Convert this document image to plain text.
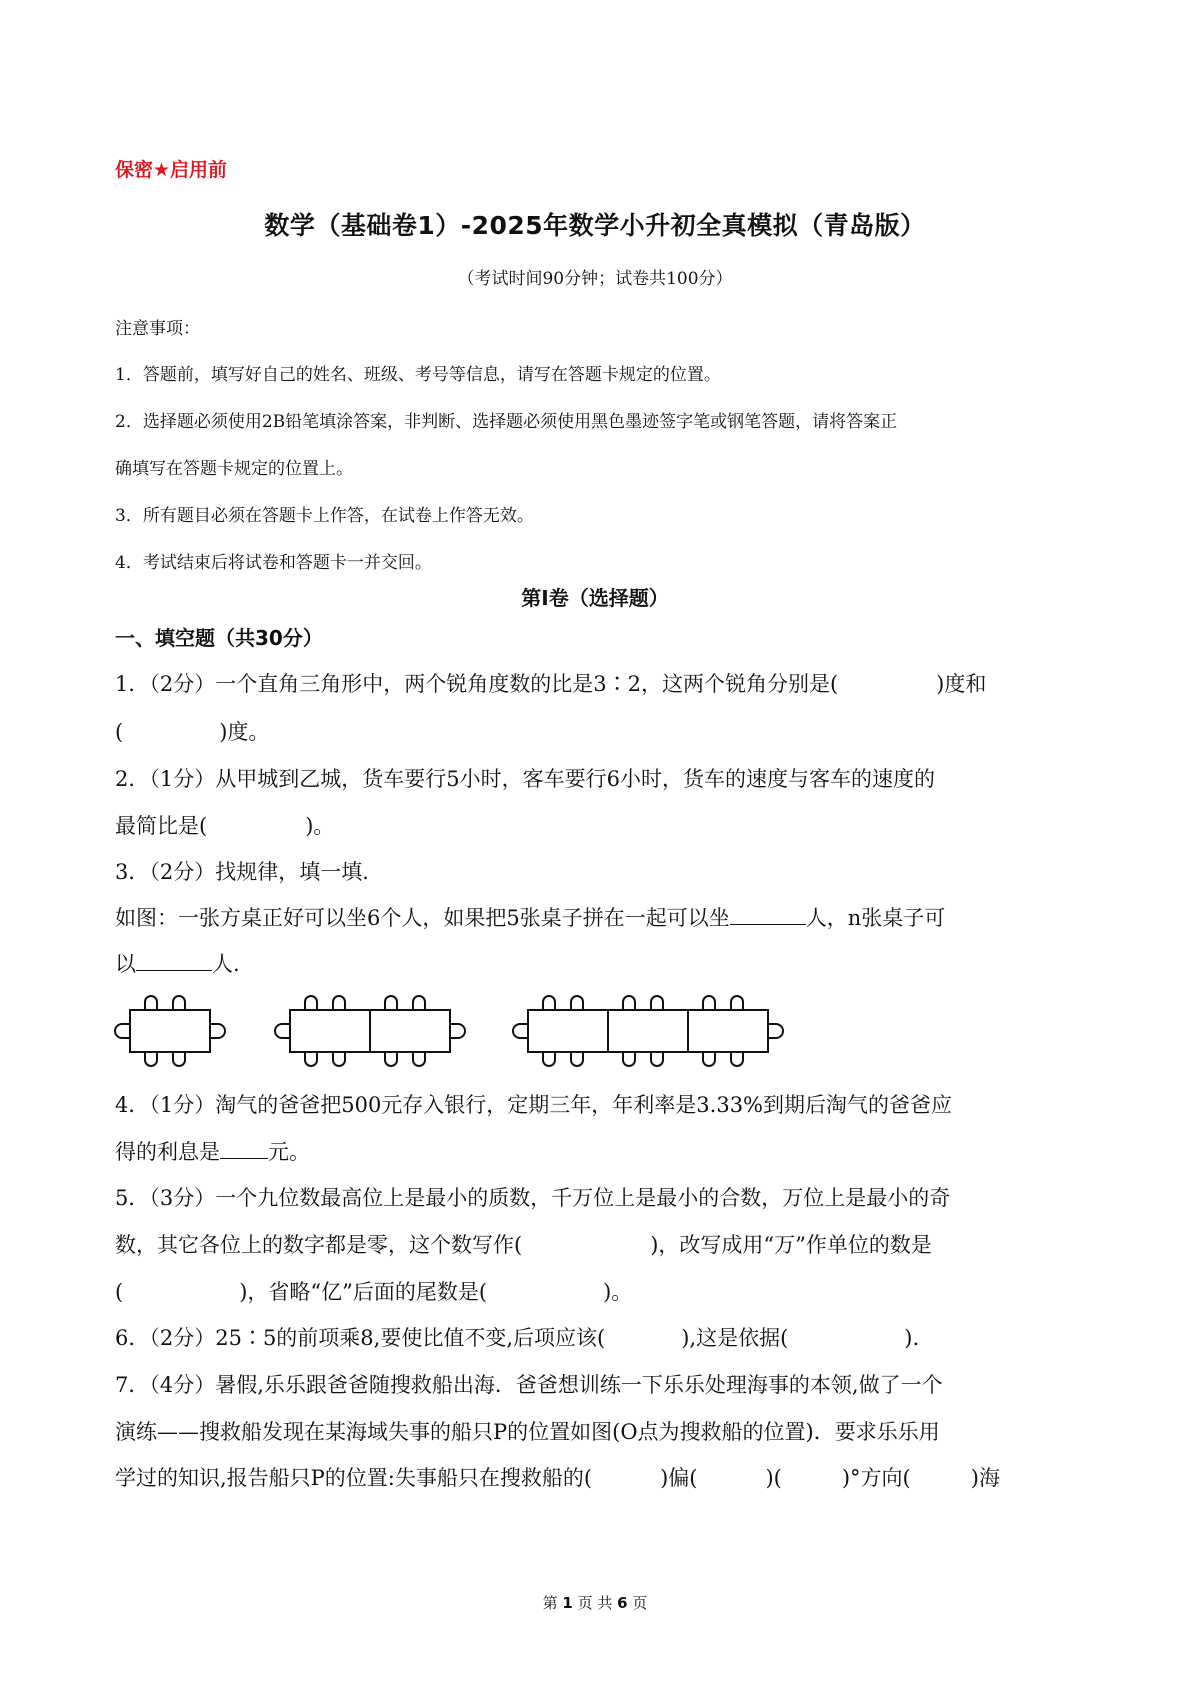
保密★启用前
数学（基础卷1）-2025年数学小升初全真模拟（青岛版）
（考试时间90分钟；试卷共100分）
注意事项：
1．答题前，填写好自己的姓名、班级、考号等信息，请写在答题卡规定的位置。
2．选择题必须使用2B铅笔填涂答案，非判断、选择题必须使用黑色墨迹签字笔或钢笔答题，请将答案正
确填写在答题卡规定的位置上。
3．所有题目必须在答题卡上作答，在试卷上作答无效。
4．考试结束后将试卷和答题卡一并交回。
第Ⅰ卷（选择题）
一、填空题（共30分）
1．（2分）一个直角三角形中，两个锐角度数的比是3∶2，这两个锐角分别是(	)度和
(	)度。
2．（1分）从甲城到乙城，货车要行5小时，客车要行6小时，货车的速度与客车的速度的
最简比是(	)。
3．（2分）找规律，填一填.
如图：一张方桌正好可以坐6个人，如果把5张桌子拼在一起可以坐	人，n张桌子可
以	人.
4．（1分）淘气的爸爸把500元存入银行，定期三年，年利率是3.33%到期后淘气的爸爸应
得的利息是 元。
5．（3分）一个九位数最高位上是最小的质数，千万位上是最小的合数，万位上是最小的奇
数，其它各位上的数字都是零，这个数写作(	)，改写成用“万”作单位的数是
(	)，省略“亿”后面的尾数是(	)。
6．（2分）25∶5的前项乘8,要使比值不变,后项应该(	),这是依据(	).
7．（4分）暑假,乐乐跟爸爸随搜救船出海．爸爸想训练一下乐乐处理海事的本领,做了一个
演练——搜救船发现在某海域失事的船只P的位置如图(O点为搜救船的位置)．要求乐乐用
学过的知识,报告船只P的位置:失事船只在搜救船的(	)偏(	)(	)°方向(	)海
第 1 页 共 6 页
